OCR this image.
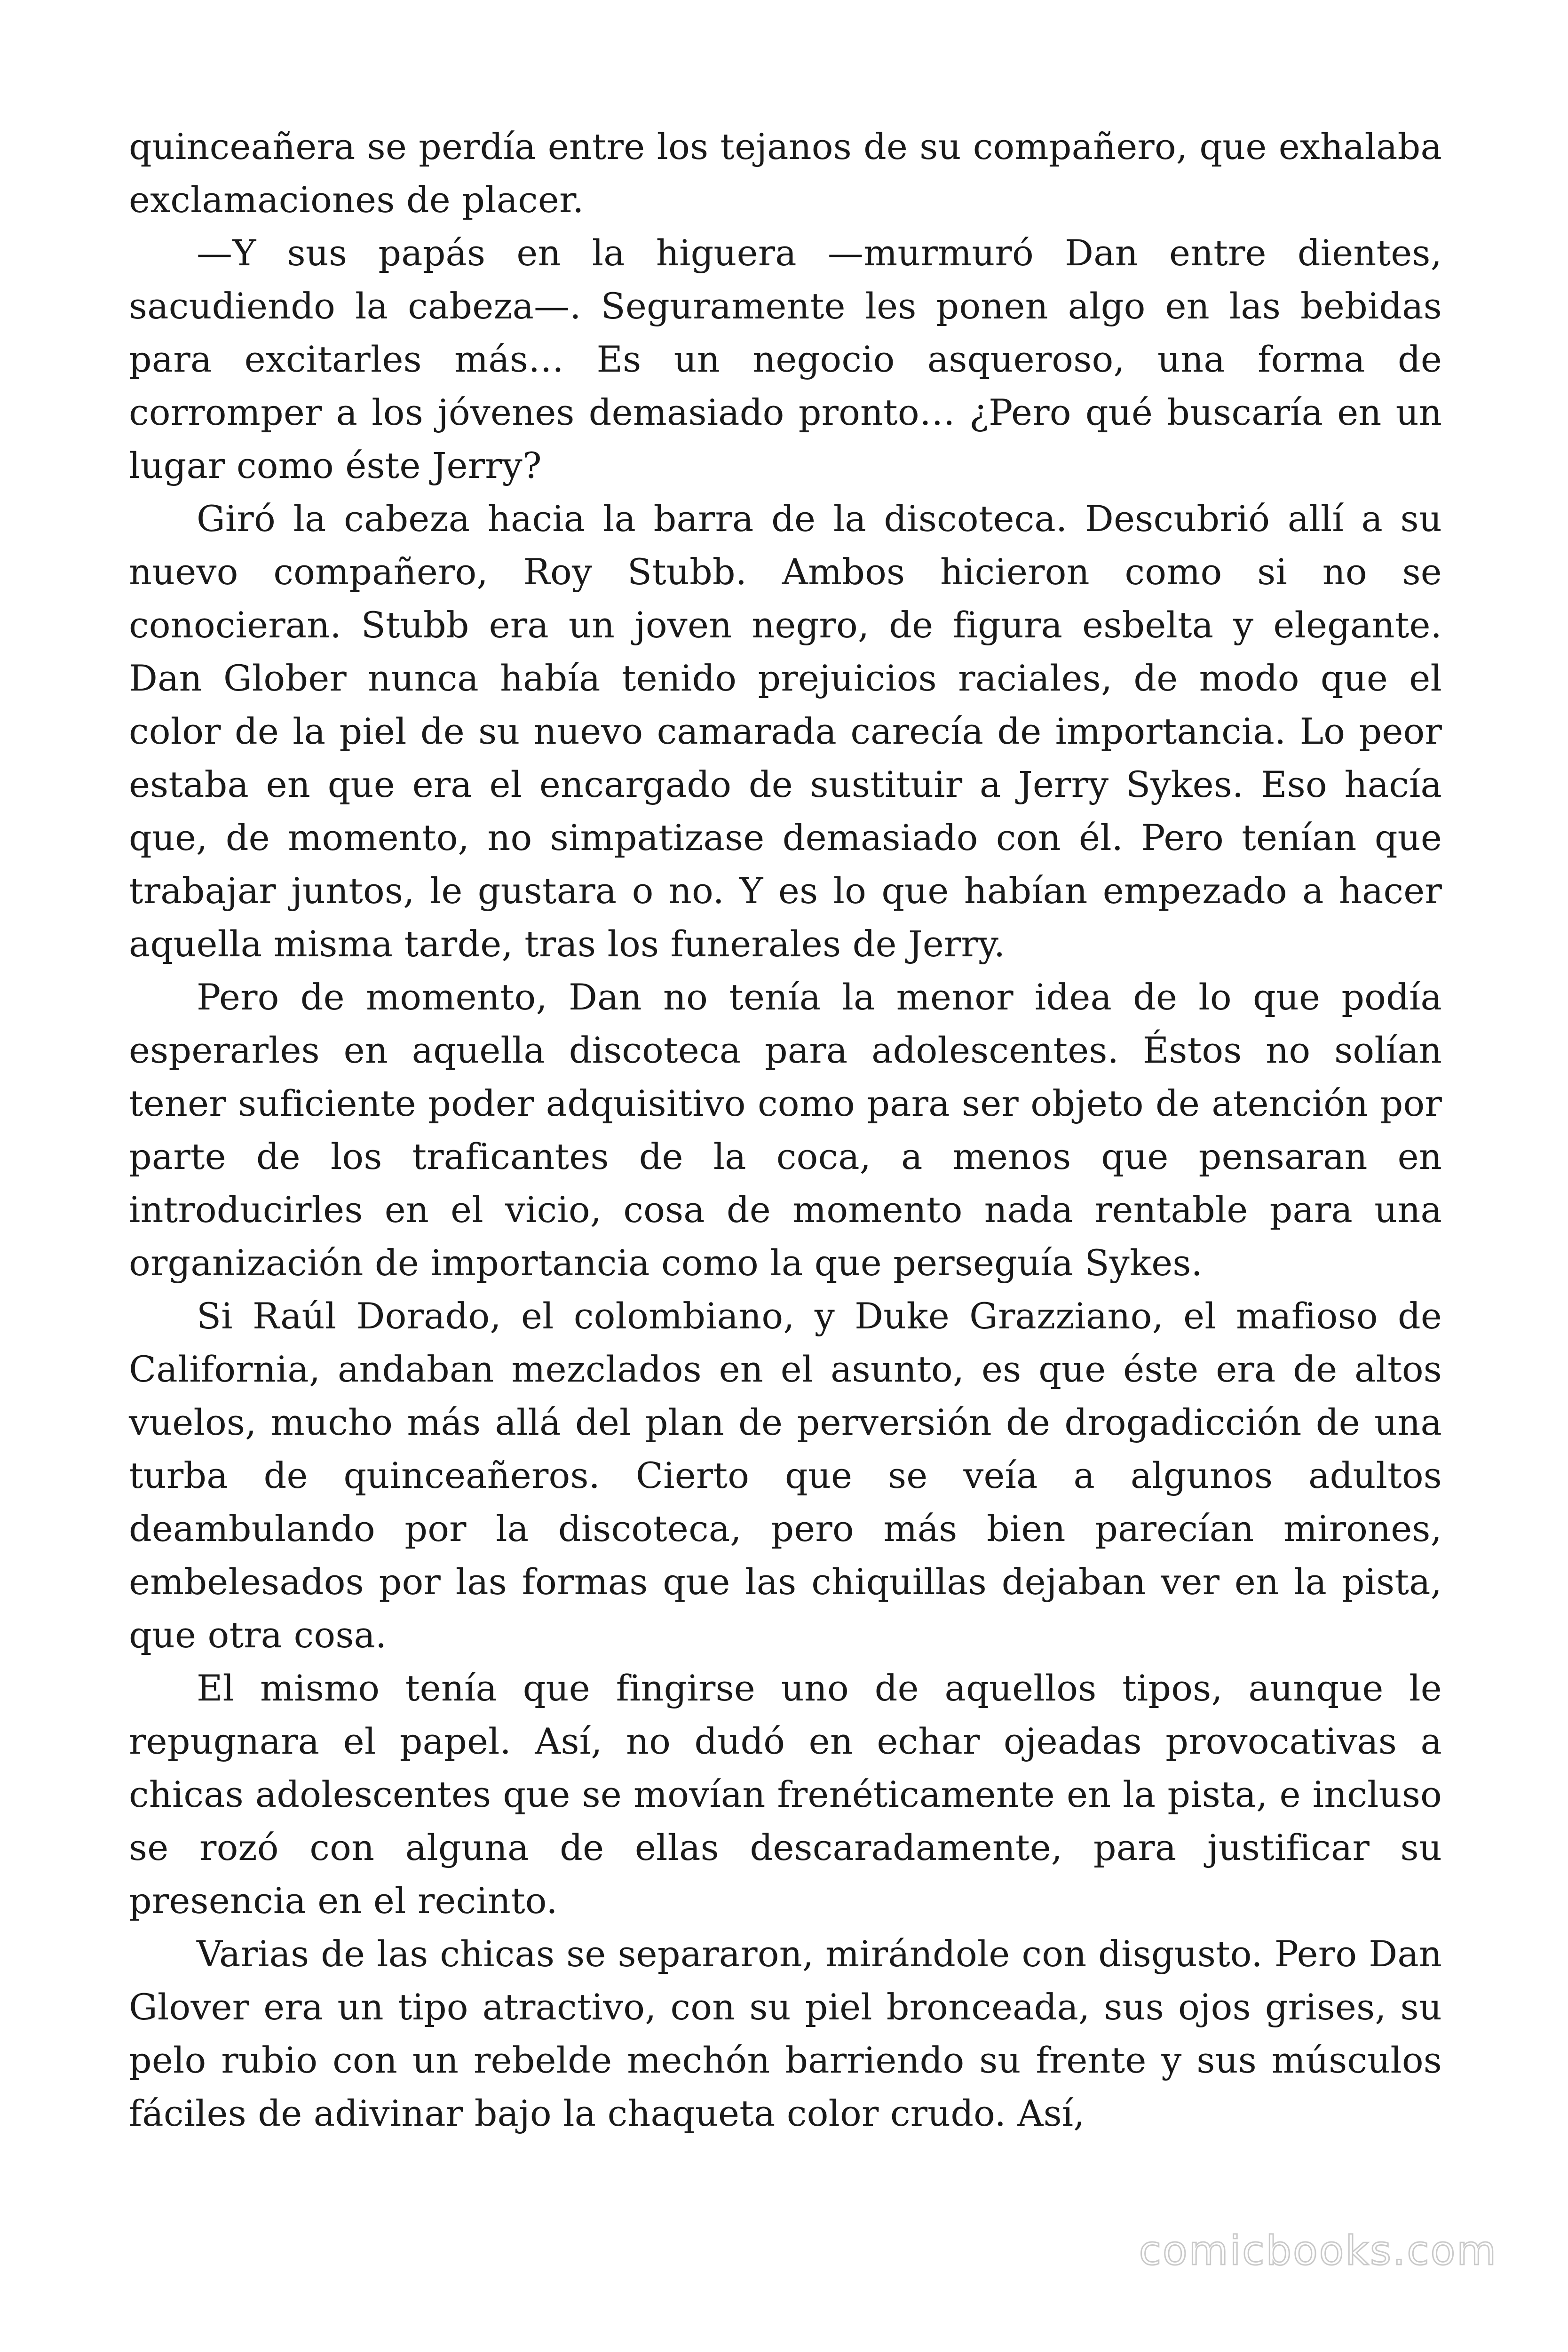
quinceañera se perdía entre los tejanos de su compañero, que exhalaba exclamaciones de placer.

—Y sus papás en la higuera —murmuró Dan entre dientes, sacudiendo la cabeza—. Seguramente les ponen algo en las bebidas para excitarles más… Es un negocio asqueroso, una forma de corromper a los jóvenes demasiado pronto… ¿Pero qué buscaría en un lugar como éste Jerry?

Giró la cabeza hacia la barra de la discoteca. Descubrió allí a su nuevo compañero, Roy Stubb. Ambos hicieron como si no se conocieran. Stubb era un joven negro, de figura esbelta y elegante. Dan Glober nunca había tenido prejuicios raciales, de modo que el color de la piel de su nuevo camarada carecía de importancia. Lo peor estaba en que era el encargado de sustituir a Jerry Sykes. Eso hacía que, de momento, no simpatizase demasiado con él. Pero tenían que trabajar juntos, le gustara o no. Y es lo que habían empezado a hacer aquella misma tarde, tras los funerales de Jerry.

Pero de momento, Dan no tenía la menor idea de lo que podía esperarles en aquella discoteca para adolescentes. Éstos no solían tener suficiente poder adquisitivo como para ser objeto de atención por parte de los traficantes de la coca, a menos que pensaran en introducirles en el vicio, cosa de momento nada rentable para una organización de importancia como la que perseguía Sykes.

Si Raúl Dorado, el colombiano, y Duke Grazziano, el mafioso de California, andaban mezclados en el asunto, es que éste era de altos vuelos, mucho más allá del plan de perversión de drogadicción de una turba de quinceañeros. Cierto que se veía a algunos adultos deambulando por la discoteca, pero más bien parecían mirones, embelesados por las formas que las chiquillas dejaban ver en la pista, que otra cosa.

El mismo tenía que fingirse uno de aquellos tipos, aunque le repugnara el papel. Así, no dudó en echar ojeadas provocativas a chicas adolescentes que se movían frenéticamente en la pista, e incluso se rozó con alguna de ellas descaradamente, para justificar su presencia en el recinto.

Varias de las chicas se separaron, mirándole con disgusto. Pero Dan Glover era un tipo atractivo, con su piel bronceada, sus ojos grises, su pelo rubio con un rebelde mechón barriendo su frente y sus músculos fáciles de adivinar bajo la chaqueta color crudo. Así,

comicbooks.com
